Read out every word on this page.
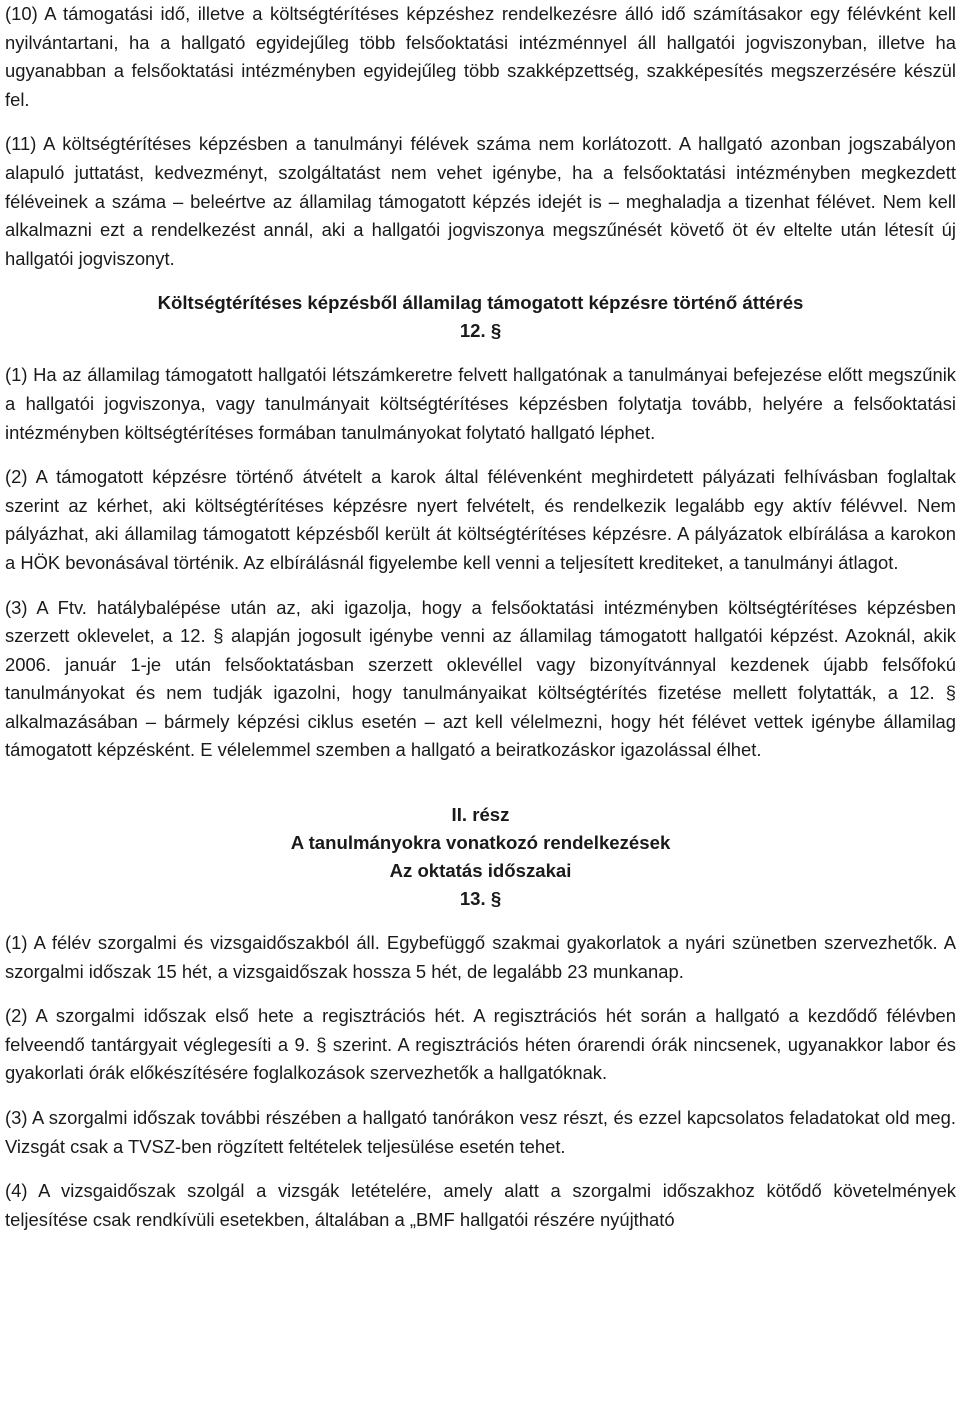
(10) A támogatási idő, illetve a költségtérítéses képzéshez rendelkezésre álló idő számításakor egy félévként kell nyilvántartani, ha a hallgató egyidejűleg több felsőoktatási intézménnyel áll hallgatói jogviszonyban, illetve ha ugyanabban a felsőoktatási intézményben egyidejűleg több szakképzettség, szakképesítés megszerzésére készül fel.

(11) A költségtérítéses képzésben a tanulmányi félévek száma nem korlátozott. A hallgató azonban jogszabályon alapuló juttatást, kedvezményt, szolgáltatást nem vehet igénybe, ha a felsőoktatási intézményben megkezdett féléveinek a száma – beleértve az államilag támogatott képzés idejét is – meghaladja a tizenhat félévet. Nem kell alkalmazni ezt a rendelkezést annál, aki a hallgatói jogviszonya megszűnését követő öt év eltelte után létesít új hallgatói jogviszonyt.

Költségtérítéses képzésből államilag támogatott képzésre történő áttérés
12. §

(1) Ha az államilag támogatott hallgatói létszámkeretre felvett hallgatónak a tanulmányai befejezése előtt megszűnik a hallgatói jogviszonya, vagy tanulmányait költségtérítéses képzésben folytatja tovább, helyére a felsőoktatási intézményben költségtérítéses formában tanulmányokat folytató hallgató léphet.

(2) A támogatott képzésre történő átvételt a karok által félévenként meghirdetett pályázati felhívásban foglaltak szerint az kérhet, aki költségtérítéses képzésre nyert felvételt, és rendelkezik legalább egy aktív félévvel. Nem pályázhat, aki államilag támogatott képzésből került át költségtérítéses képzésre. A pályázatok elbírálása a karokon a HÖK bevonásával történik. Az elbírálásnál figyelembe kell venni a teljesített krediteket, a tanulmányi átlagot.

(3) A Ftv. hatálybalépése után az, aki igazolja, hogy a felsőoktatási intézményben költségtérítéses képzésben szerzett oklevelet, a 12. § alapján jogosult igénybe venni az államilag támogatott hallgatói képzést. Azoknál, akik 2006. január 1-je után felsőoktatásban szerzett oklevéllel vagy bizonyítvánnyal kezdenek újabb felsőfokú tanulmányokat és nem tudják igazolni, hogy tanulmányaikat költségtérítés fizetése mellett folytatták, a 12. § alkalmazásában – bármely képzési ciklus esetén – azt kell vélelmezni, hogy hét félévet vettek igénybe államilag támogatott képzésként. E vélelemmel szemben a hallgató a beiratkozáskor igazolással élhet.

II. rész
A tanulmányokra vonatkozó rendelkezések
Az oktatás időszakai
13. §

(1) A félév szorgalmi és vizsgaidőszakból áll. Egybefüggő szakmai gyakorlatok a nyári szünetben szervezhetők. A szorgalmi időszak 15 hét, a vizsgaidőszak hossza 5 hét, de legalább 23 munkanap.

(2) A szorgalmi időszak első hete a regisztrációs hét. A regisztrációs hét során a hallgató a kezdődő félévben felveendő tantárgyait véglegesíti a 9. § szerint. A regisztrációs héten órarendi órák nincsenek, ugyanakkor labor és gyakorlati órák előkészítésére foglalkozások szervezhetők a hallgatóknak.

(3) A szorgalmi időszak további részében a hallgató tanórákon vesz részt, és ezzel kapcsolatos feladatokat old meg. Vizsgát csak a TVSZ-ben rögzített feltételek teljesülése esetén tehet.

(4) A vizsgaidőszak szolgál a vizsgák letételére, amely alatt a szorgalmi időszakhoz kötődő követelmények teljesítése csak rendkívüli esetekben, általában a „BMF hallgatói részére nyújtható
